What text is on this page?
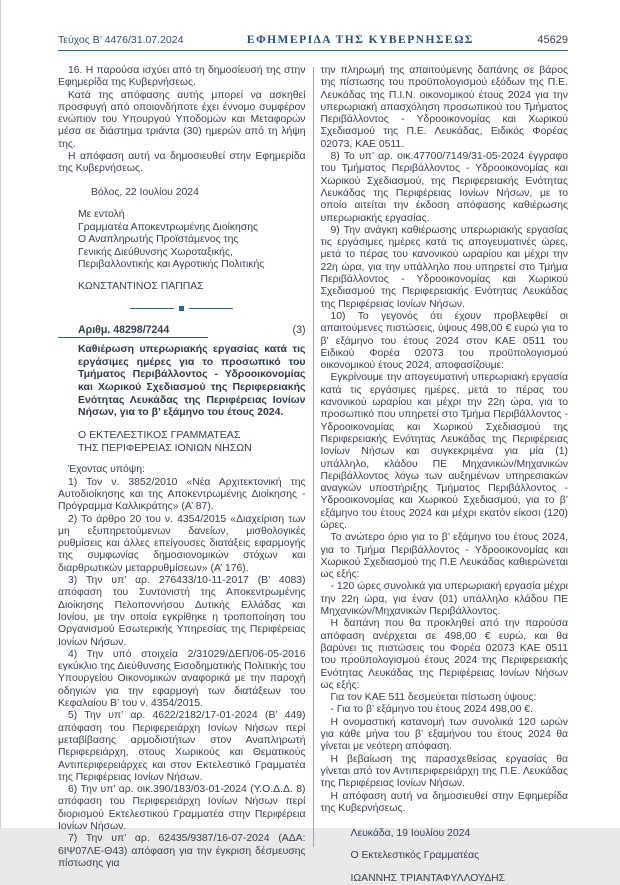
Τεύχος Β’ 4476/31.07.2024	ΕΦΗΜΕΡΙΔΑ ΤΗΣ ΚΥΒΕΡΝΗΣΕΩΣ	45629

16. Η παρούσα ισχύει από τη δημοσίευσή της στην Εφημερίδα της Κυβερνήσεως.

Κατά της απόφασης αυτής μπορεί να ασκηθεί προσφυγή από οποιονδήποτε έχει έννομο συμφέρον ενώπιον του Υπουργού Υποδομών και Μεταφορών μέσα σε διάστημα τριάντα (30) ημερών από τη λήψη της.

Η απόφαση αυτή να δημοσιευθεί στην Εφημερίδα της Κυβερνήσεως.

Βόλος, 22 Ιουλίου 2024
Με εντολή
Γραμματέα Αποκεντρωμένης Διοίκησης
Ο Αναπληρωτής Προϊστάμενος της
Γενικής Διεύθυνσης Χωροταξικής,
Περιβαλλοντικής και Αγροτικής Πολιτικής
ΚΩΝΣΤΑΝΤΙΝΟΣ ΠΑΠΠΑΣ
Αριθμ. 48298/7244	(3)

Καθιέρωση υπερωριακής εργασίας κατά τις εργάσιμες ημέρες για το προσωπικό του Τμήματος Περιβάλλοντος - Υδροοικονομίας και Χωρικού Σχεδιασμού της Περιφερειακής Ενότητας Λευκάδας της Περιφέρειας Ιονίων Νήσων, για το β’ εξάμηνο του έτους 2024.

Ο ΕΚΤΕΛΕΣΤΙΚΟΣ ΓΡΑΜΜΑΤΕΑΣ
ΤΗΣ ΠΕΡΙΦΕΡΕΙΑΣ ΙΟΝΙΩΝ ΝΗΣΩΝ

Έχοντας υπόψη:

1) Τον ν. 3852/2010 «Νέα Αρχιτεκτονική της Αυτοδιοίκησης και της Αποκεντρωμένης Διοίκησης - Πρόγραμμα Καλλικράτης» (Α’ 87).

2) Το άρθρο 20 του ν. 4354/2015 «Διαχείριση των μη εξυπηρετούμενων δανείων, μισθολογικές ρυθμίσεις και άλλες επείγουσες διατάξεις εφαρμογής της συμφωνίας δημοσιονομικών στόχων και διαρθρωτικών μεταρρυθμίσεων» (Α’ 176).

3) Την υπ’ αρ. 276433/10-11-2017 (Β’ 4083) απόφαση του Συντονιστή της Αποκεντρωμένης Διοίκησης Πελοποννήσου Δυτικής Ελλάδας και Ιονίου, με την οποία εγκρίθηκε η τροποποίηση του Οργανισμού Εσωτερικής Υπηρεσίας της Περιφέρειας Ιονίων Νήσων.

4) Την υπό στοιχεία 2/31029/ΔΕΠ/06-05-2016 εγκύκλιο της Διεύθυνσης Εισοδηματικής Πολιτικής του Υπουργείου Οικονομικών αναφορικά με την παροχή οδηγιών για την εφαρμογή των διατάξεων του Κεφαλαίου Β’ του ν. 4354/2015.

5) Την υπ’ αρ. 4622/2182/17-01-2024 (Β’ 449) απόφαση του Περιφερειάρχη Ιονίων Νήσων περί μεταβίβασης αρμοδιοτήτων στον Αναπληρωτή Περιφερειάρχη, στους Χωρικούς και Θεματικούς Αντιπεριφερειάρχες και στον Εκτελεστικό Γραμματέα της Περιφέρειας Ιονίων Νήσων.

6) Την υπ’ αρ. οικ.390/183/03-01-2024 (Υ.Ο.Δ.Δ. 8) απόφαση του Περιφερειάρχη Ιονίων Νήσων περί διορισμού Εκτελεστικού Γραμματέα στην Περιφέρεια Ιονίων Νήσων.

7) Την υπ’ αρ. 62435/9387/16-07-2024 (ΑΔΑ: 6ΙΨ07ΛΕ-Θ43) απόφαση για την έγκριση δέσμευσης πίστωσης για

την πληρωμή της απαιτούμενης δαπάνης σε βάρος της πίστωσης του προϋπολογισμού εξόδων της Π.Ε. Λευκάδας της Π.Ι.Ν. οικονομικού έτους 2024 για την υπερωριακή απασχόληση προσωπικού του Τμήματος Περιβάλλοντος - Υδροοικονομίας και Χωρικού Σχεδιασμού της Π.Ε. Λευκάδας, Ειδικός Φορέας 02073, ΚΑΕ 0511.

8) Το υπ’ αρ. οικ.47700/7149/31-05-2024 έγγραφο του Τμήματος Περιβάλλοντος - Υδροοικονομίας και Χωρικού Σχεδιασμού, της Περιφερειακής Ενότητας Λευκάδας της Περιφέρειας Ιονίων Νήσων, με το οποίο αιτείται την έκδοση απόφασης καθιέρωσης υπερωριακής εργασίας.

9) Την ανάγκη καθιέρωσης υπερωριακής εργασίας τις εργάσιμες ημέρες κατά τις απογευματινές ώρες, μετά το πέρας του κανονικού ωραρίου και μέχρι την 22η ώρα, για την υπάλληλο που υπηρετεί στο Τμήμα Περιβάλλοντος - Υδροοικονομίας και Χωρικού Σχεδιασμού της Περιφερειακής Ενότητας Λευκάδας της Περιφέρειας Ιονίων Νήσων.

10) Το γεγονός ότι έχουν προβλεφθεί οι απαιτούμενες πιστώσεις, ύψους 498,00 € ευρώ για το β’ εξάμηνο του έτους 2024 στον ΚΑΕ 0511 του Ειδικού Φορέα 02073 του προϋπολογισμού οικονομικού έτους 2024, αποφασίζουμε:

Εγκρίνουμε την απογευματινή υπερωριακή εργασία κατά τις εργάσιμες ημέρες, μετά το πέρας του κανονικού ωραρίου και μέχρι την 22η ώρα, για το προσωπικό που υπηρετεί στο Τμήμα Περιβάλλοντος - Υδροοικονομίας και Χωρικού Σχεδιασμού της Περιφερειακής Ενότητας Λευκάδας της Περιφέρειας Ιονίων Νήσων και συγκεκριμένα για μία (1) υπάλληλο, κλάδου ΠΕ Μηχανικών/Μηχανικών Περιβάλλοντος λόγω των αυξημένων υπηρεσιακών αναγκών υποστήριξης Τμήματος Περιβάλλοντος - Υδροοικονομίας και Χωρικού Σχεδιασμού, για το β’ εξάμηνο του έτους 2024 και μέχρι εκατόν είκοσι (120) ώρες.

Το ανώτερο όριο για το β’ εξάμηνο του έτους 2024, για το Τμήμα Περιβάλλοντος - Υδροοικονομίας και Χωρικού Σχεδιασμού της Π.Ε Λευκάδας καθιερώνεται ως εξής:

- 120 ώρες συνολικά για υπερωριακή εργασία μέχρι την 22η ώρα, για έναν (01) υπάλληλο κλάδου ΠΕ Μηχανικών/Μηχανικών Περιβάλλοντος.

Η δαπάνη που θα προκληθεί από την παρούσα απόφαση ανέρχεται σε 498,00 € ευρώ, και θα βαρύνει τις πιστώσεις του Φορέα 02073 ΚΑΕ 0511 του προϋπολογισμού έτους 2024 της Περιφερειακής Ενότητας Λευκάδας της Περιφέρειας Ιονίων Νήσων ως εξής:

Για τον ΚΑΕ 511 δεσμεύεται πίστωση ύψους:

- Για το β’ εξάμηνο του έτους 2024 498,00 €.

Η ονομαστική κατανομή των συνολικά 120 ωρών για κάθε μήνα του β’ εξαμήνου του έτους 2024 θα γίνεται με νεότερη απόφαση.

Η βεβαίωση της παρασχεθείσας εργασίας θα γίνεται από τον Αντιπεριφερειάρχη της Π.Ε. Λευκάδας της Περιφέρειας Ιονίων Νήσων.

Η απόφαση αυτή να δημοσιευθεί στην Εφημερίδα της Κυβερνήσεως.

Λευκάδα, 19 Ιουλίου 2024

Ο Εκτελεστικός Γραμματέας

ΙΩΑΝΝΗΣ ΤΡΙΑΝΤΑΦΥΛΛΟΥΔΗΣ
